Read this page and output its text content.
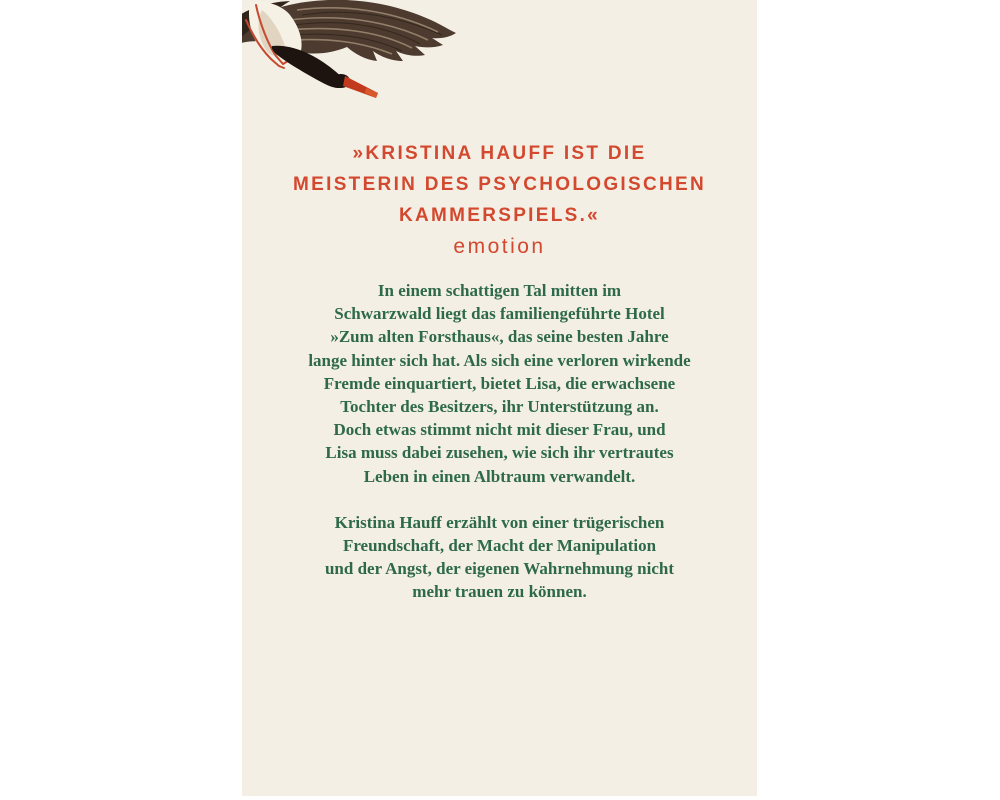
»KRISTINA HAUFF IST DIE
MEISTERIN DES PSYCHOLOGISCHEN
KAMMERSPIELS.«
emotion
In einem schattigen Tal mitten im
Schwarzwald liegt das familiengeführte Hotel
»Zum alten Forsthaus«, das seine besten Jahre
lange hinter sich hat. Als sich eine verloren wirkende
Fremde einquartiert, bietet Lisa, die erwachsene
Tochter des Besitzers, ihr Unterstützung an.
Doch etwas stimmt nicht mit dieser Frau, und
Lisa muss dabei zusehen, wie sich ihr vertrautes
Leben in einen Albtraum verwandelt.
Kristina Hauff erzählt von einer trügerischen
Freundschaft, der Macht der Manipulation
und der Angst, der eigenen Wahrnehmung nicht
mehr trauen zu können.
